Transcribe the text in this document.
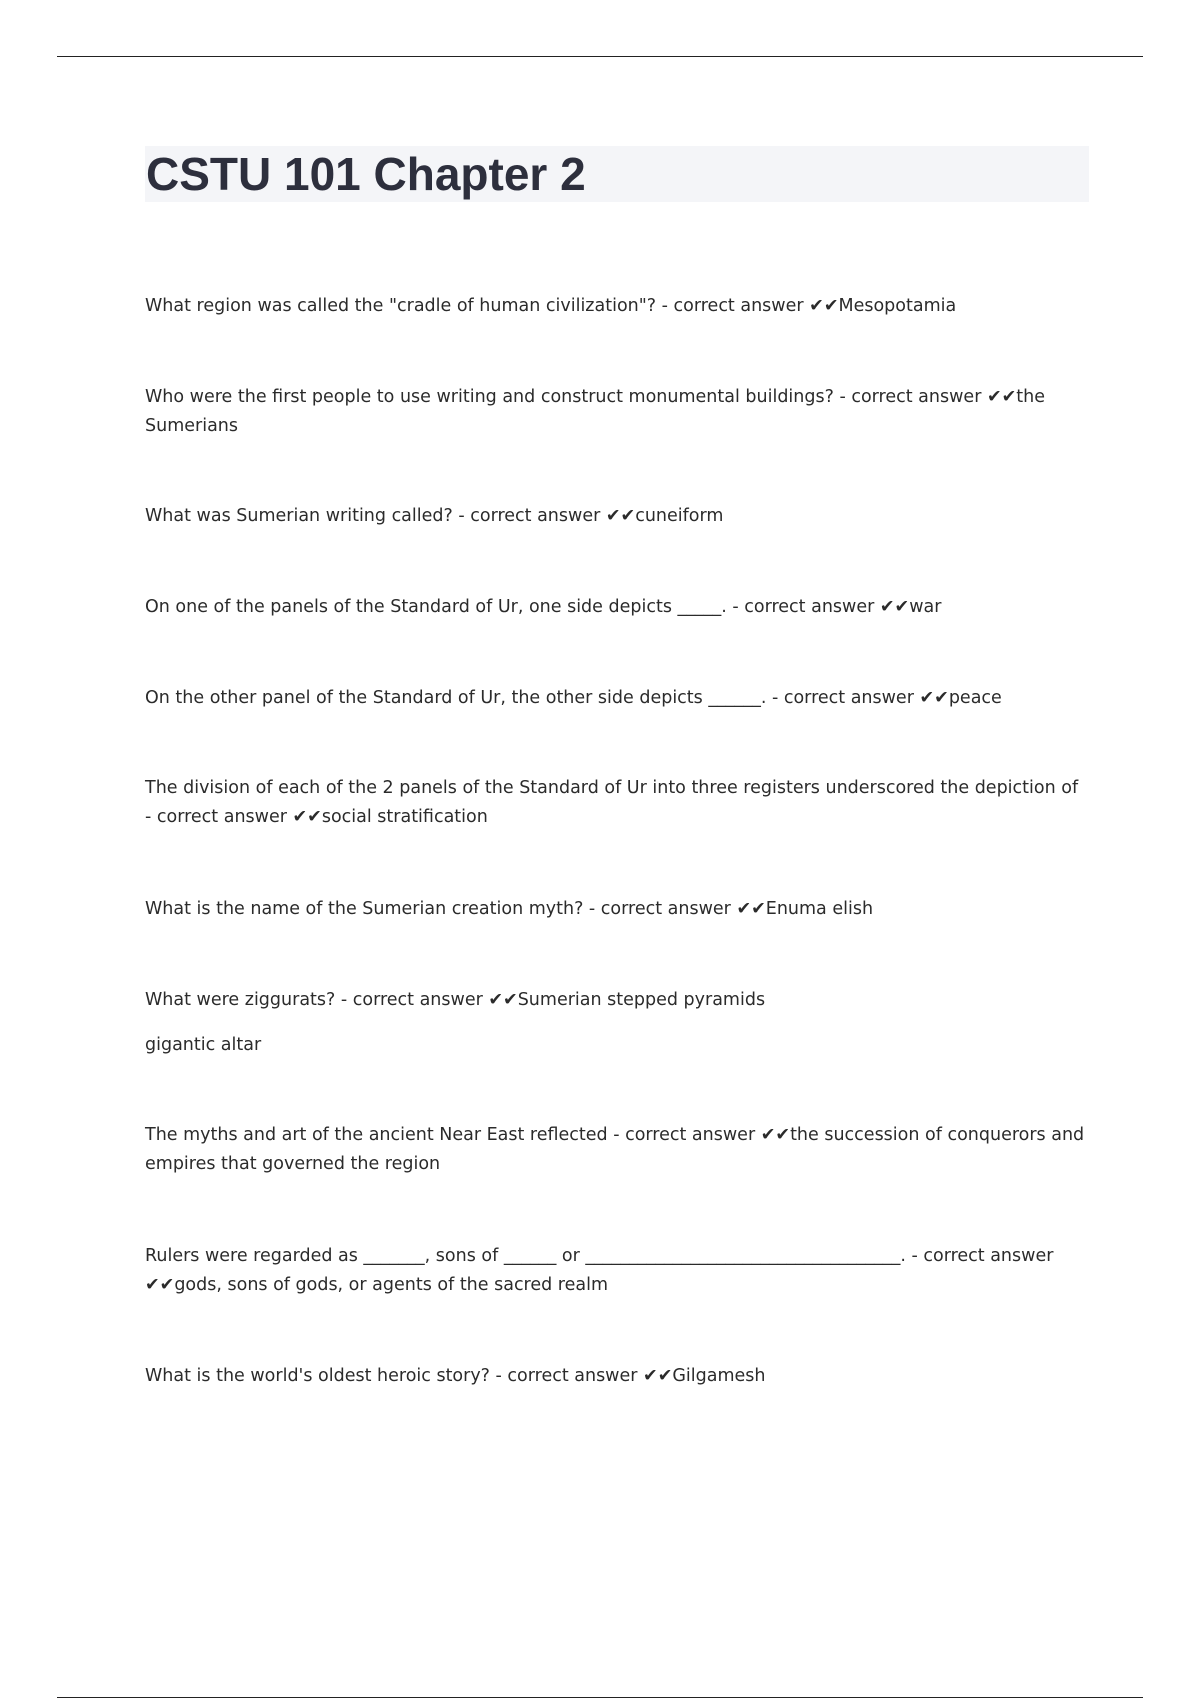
CSTU 101 Chapter 2

What region was called the "cradle of human civilization"? - correct answer ✔✔Mesopotamia

Who were the first people to use writing and construct monumental buildings? - correct answer ✔✔the Sumerians

What was Sumerian writing called? - correct answer ✔✔cuneiform

On one of the panels of the Standard of Ur, one side depicts _____. - correct answer ✔✔war

On the other panel of the Standard of Ur, the other side depicts ______. - correct answer ✔✔peace

The division of each of the 2 panels of the Standard of Ur into three registers underscored the depiction of - correct answer ✔✔social stratification

What is the name of the Sumerian creation myth? - correct answer ✔✔Enuma elish

What were ziggurats? - correct answer ✔✔Sumerian stepped pyramids

gigantic altar

The myths and art of the ancient Near East reflected - correct answer ✔✔the succession of conquerors and empires that governed the region

Rulers were regarded as _______, sons of ______ or ____________________________________. - correct answer ✔✔gods, sons of gods, or agents of the sacred realm

What is the world's oldest heroic story? - correct answer ✔✔Gilgamesh
